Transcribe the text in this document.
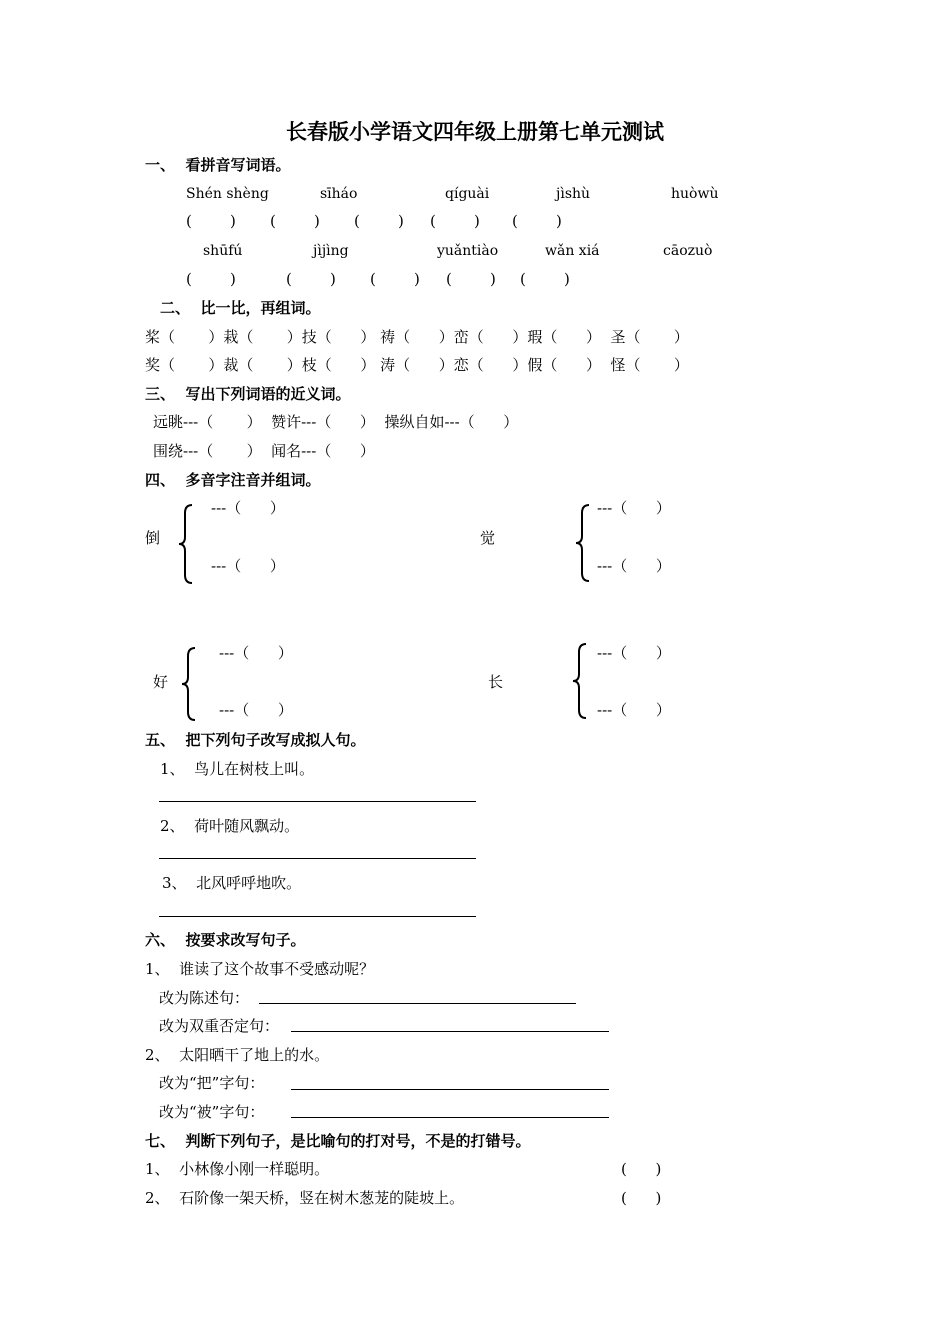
长春版小学语文四年级上册第七单元测试
一、  看拼音写词语。
Shén shèng	sīháo	qíguài	jìshù	huòwù
(        ) (        ) (        ) (        ) (        )
shūfú	jìjìng	yuǎntiào	wǎn xiá	cāozuò
(        )	(        ) (        ) (        ) (        )
二、  比一比，再组词。
桨（       ）栽（       ）技（      ） 祷（      ）峦（      ）瑕（      ）  圣（       ）
奖（       ）裁（       ）枝（      ） 涛（      ）恋（      ）假（      ）  怪（       ）
三、  写出下列词语的近义词。
远眺---（       ）  赞许---（      ）  操纵自如---（      ）
围绕---（       ）  闻名---（      ）
四、  多音字注音并组词。
倒
---（      ）
---（      ）
觉
---（      ）
---（      ）
好
---（      ）
---（      ）
长
---（      ）
---（      ）
五、  把下列句子改写成拟人句。
1、  鸟儿在树枝上叫。
2、  荷叶随风飘动。
3、  北风呼呼地吹。
六、  按要求改写句子。
1、  谁读了这个故事不受感动呢？
改为陈述句：
改为双重否定句：
2、  太阳晒干了地上的水。
改为“把”字句：
改为“被”字句：
七、  判断下列句子，是比喻句的打对号，不是的打错号。
1、  小林像小刚一样聪明。	(      )
2、  石阶像一架天桥，竖在树木葱茏的陡坡上。	(      )
